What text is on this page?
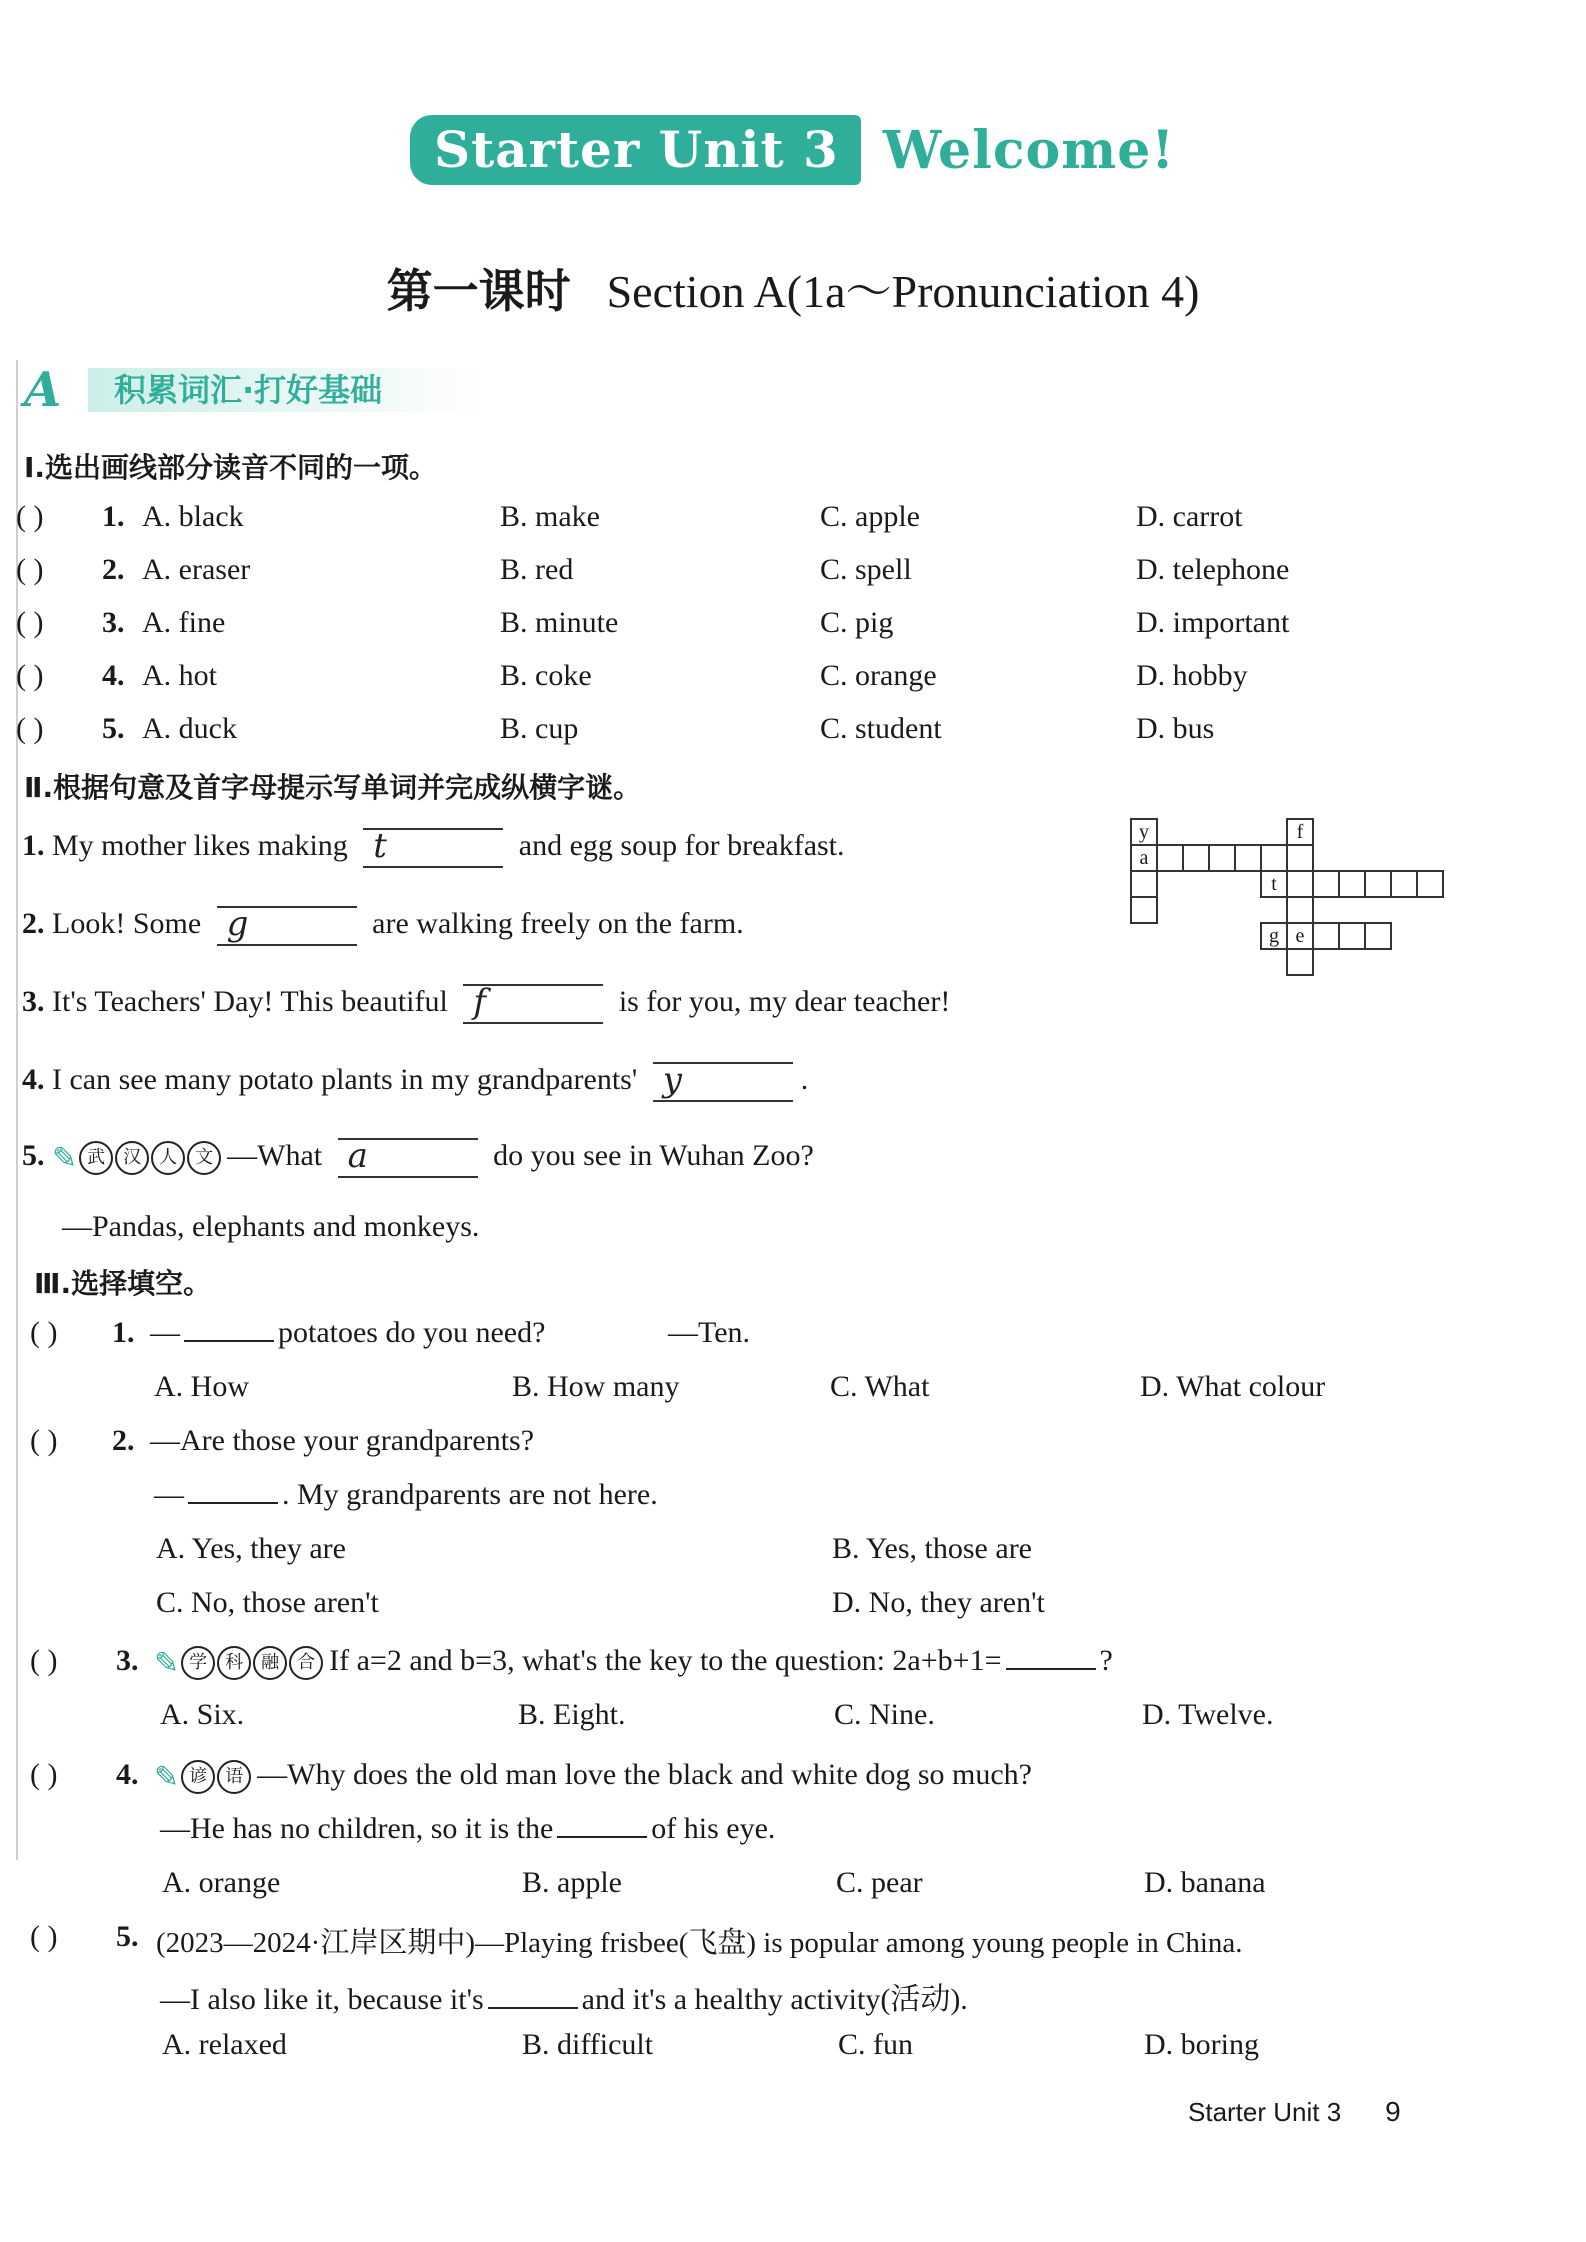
Starter Unit 3 Welcome!
第一课时 Section A(1a～Pronunciation 4)
A 积累词汇·打好基础
Ⅰ.选出画线部分读音不同的一项。
( ) 1. A. black	B. make	C. apple	D. carrot
( ) 2. A. eraser	B. red	C. spell	D. telephone
( ) 3. A. fine	B. minute	C. pig	D. important
( ) 4. A. hot	B. coke	C. orange	D. hobby
( ) 5. A. duck	B. cup	C. student	D. bus
Ⅱ.根据句意及首字母提示写单词并完成纵横字谜。
1. My mother likes making t	and egg soup for breakfast.
2. Look! Some g	are walking freely on the farm.
3. It's Teachers' Day! This beautiful f	is for you, my dear teacher!
4. I can see many potato plants in my grandparents' y	.
5. ✎ 武	汉	人	文 —What a	do you see in Wuhan Zoo?
—Pandas, elephants and monkeys.
y
a
f
t
g e
Ⅲ.选择填空。
( ) 1. —	potatoes do you need?	—Ten.
A. How	B. How many	C. What	D. What colour
( ) 2. —Are those your grandparents?
—	. My grandparents are not here.
A. Yes, they are	B. Yes, those are
C. No, those aren't	D. No, they aren't
( ) 3. ✎ 学	科	融	合 If a=2 and b=3, what's the key to the question: 2a+b+1=	?
A. Six.	B. Eight.	C. Nine.	D. Twelve.
( ) 4. ✎ 谚	语 —Why does the old man love the black and white dog so much?
—He has no children, so it is the	of his eye.
A. orange	B. apple	C. pear	D. banana
( ) 5. (2023—2024·江岸区期中)—Playing frisbee(飞盘) is popular among young people in China.
—I also like it, because it's	and it's a healthy activity(活动).
A. relaxed	B. difficult	C. fun	D. boring
Starter Unit 3 9
